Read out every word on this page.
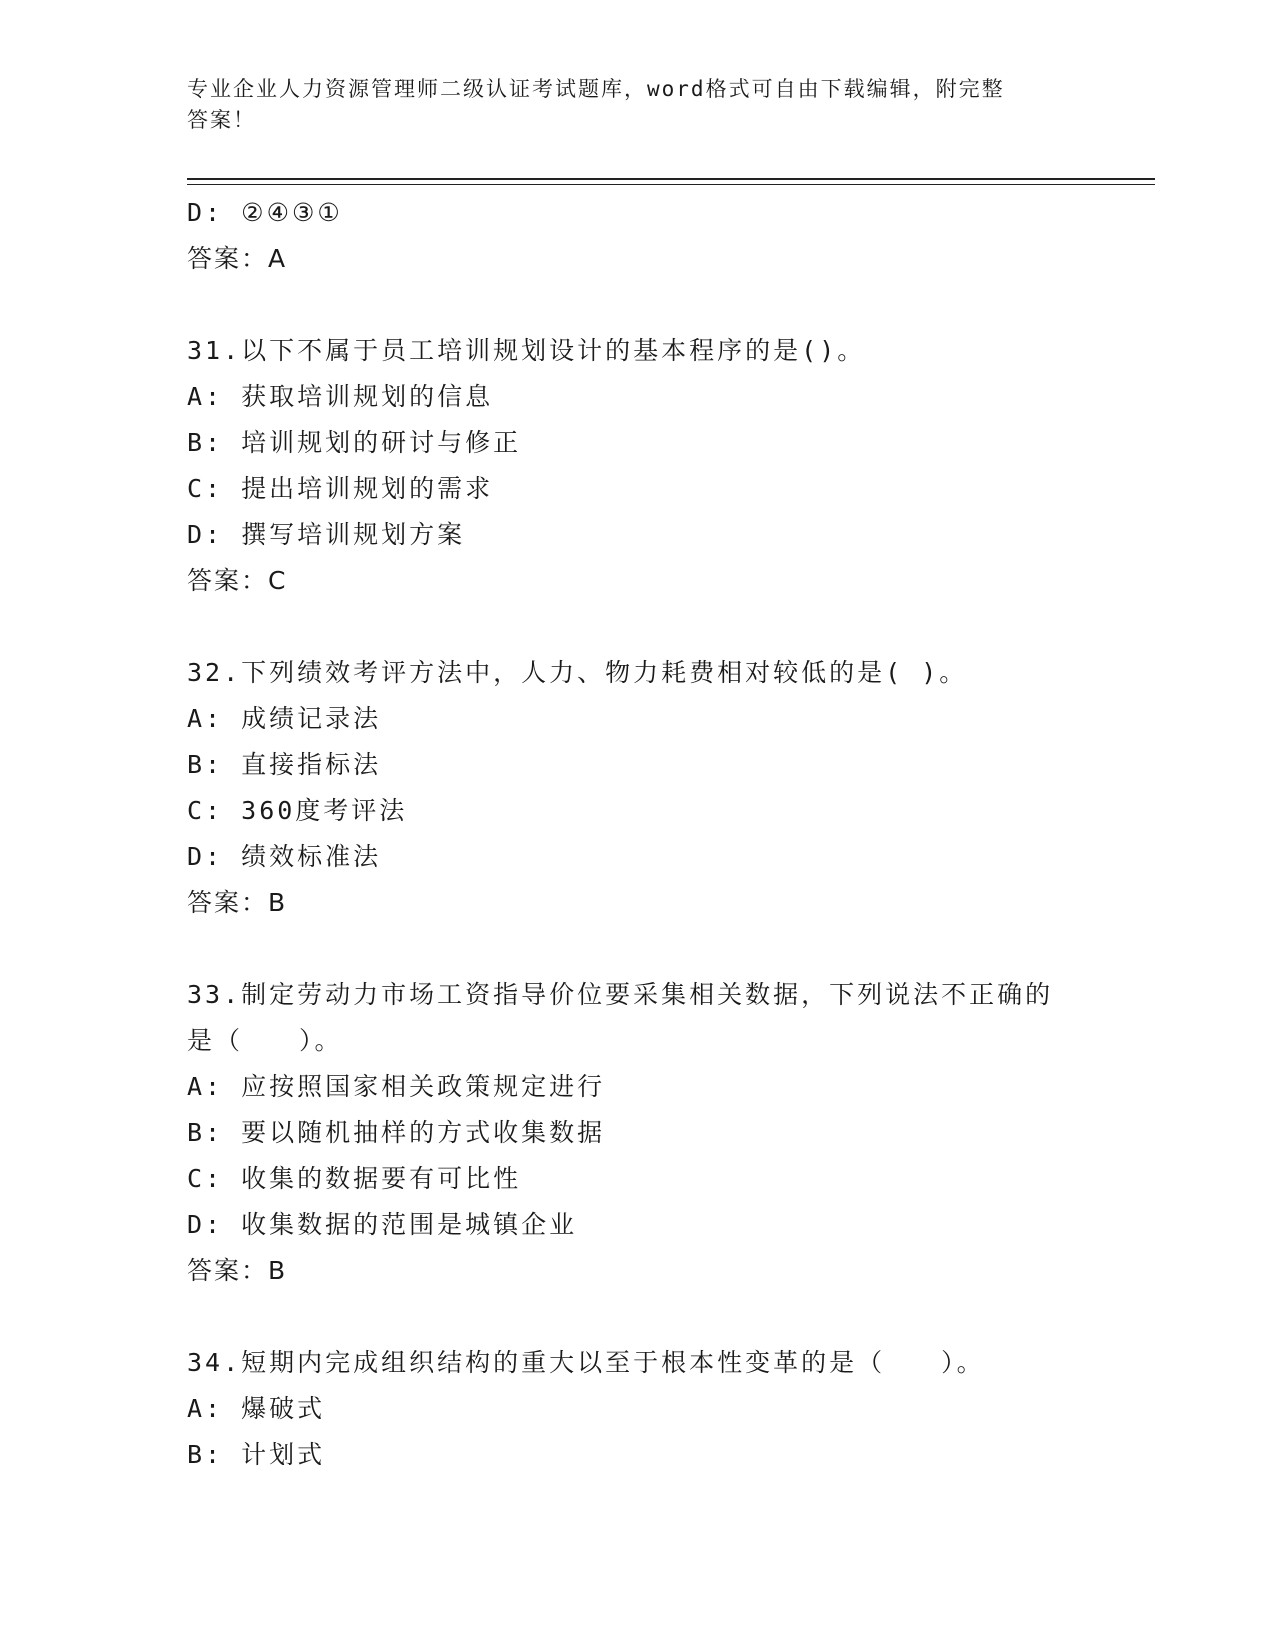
专业企业人力资源管理师二级认证考试题库，word格式可自由下载编辑，附完整
答案！
D: ②④③①
答案：A
31.以下不属于员工培训规划设计的基本程序的是()。
A: 获取培训规划的信息
B: 培训规划的研讨与修正
C: 提出培训规划的需求
D: 撰写培训规划方案
答案：C
32.下列绩效考评方法中，人力、物力耗费相对较低的是( )。
A: 成绩记录法
B: 直接指标法
C: 360度考评法
D: 绩效标准法
答案：B
33.制定劳动力市场工资指导价位要采集相关数据，下列说法不正确的
是（　　）。
A: 应按照国家相关政策规定进行
B: 要以随机抽样的方式收集数据
C: 收集的数据要有可比性
D: 收集数据的范围是城镇企业
答案：B
34.短期内完成组织结构的重大以至于根本性变革的是（　　）。
A: 爆破式
B: 计划式
